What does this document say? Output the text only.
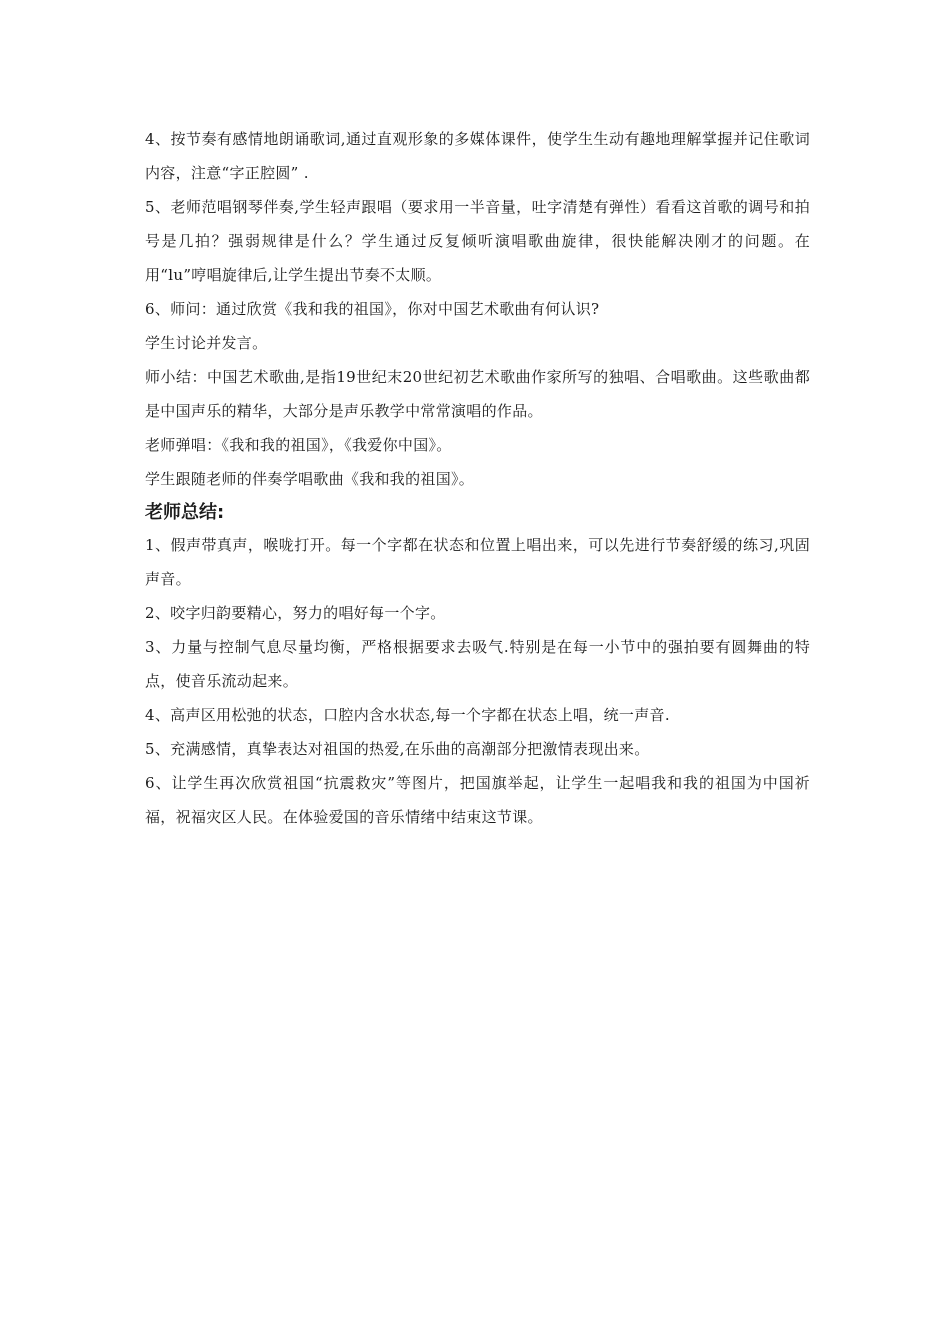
4、按节奏有感情地朗诵歌词,通过直观形象的多媒体课件，使学生生动有趣地理解掌握并记住歌词内容，注意“字正腔圆” .

5、老师范唱钢琴伴奏,学生轻声跟唱（要求用一半音量，吐字清楚有弹性）看看这首歌的调号和拍号是几拍？强弱规律是什么？学生通过反复倾听演唱歌曲旋律，很快能解决刚才的问题。在用“lu”哼唱旋律后,让学生提出节奏不太顺。

6、师问：通过欣赏《我和我的祖国》，你对中国艺术歌曲有何认识?

学生讨论并发言。

师小结：中国艺术歌曲,是指19世纪末20世纪初艺术歌曲作家所写的独唱、合唱歌曲。这些歌曲都是中国声乐的精华，大部分是声乐教学中常常演唱的作品。

老师弹唱：《我和我的祖国》，《我爱你中国》。

学生跟随老师的伴奏学唱歌曲《我和我的祖国》。

老师总结:

1、假声带真声，喉咙打开。每一个字都在状态和位置上唱出来，可以先进行节奏舒缓的练习,巩固声音。

2、咬字归韵要精心，努力的唱好每一个字。

3、力量与控制气息尽量均衡，严格根据要求去吸气.特别是在每一小节中的强拍要有圆舞曲的特点，使音乐流动起来。

4、高声区用松弛的状态，口腔内含水状态,每一个字都在状态上唱，统一声音.

5、充满感情，真挚表达对祖国的热爱,在乐曲的高潮部分把激情表现出来。

6、让学生再次欣赏祖国“抗震救灾”等图片，把国旗举起，让学生一起唱我和我的祖国为中国祈福，祝福灾区人民。在体验爱国的音乐情绪中结束这节课。
